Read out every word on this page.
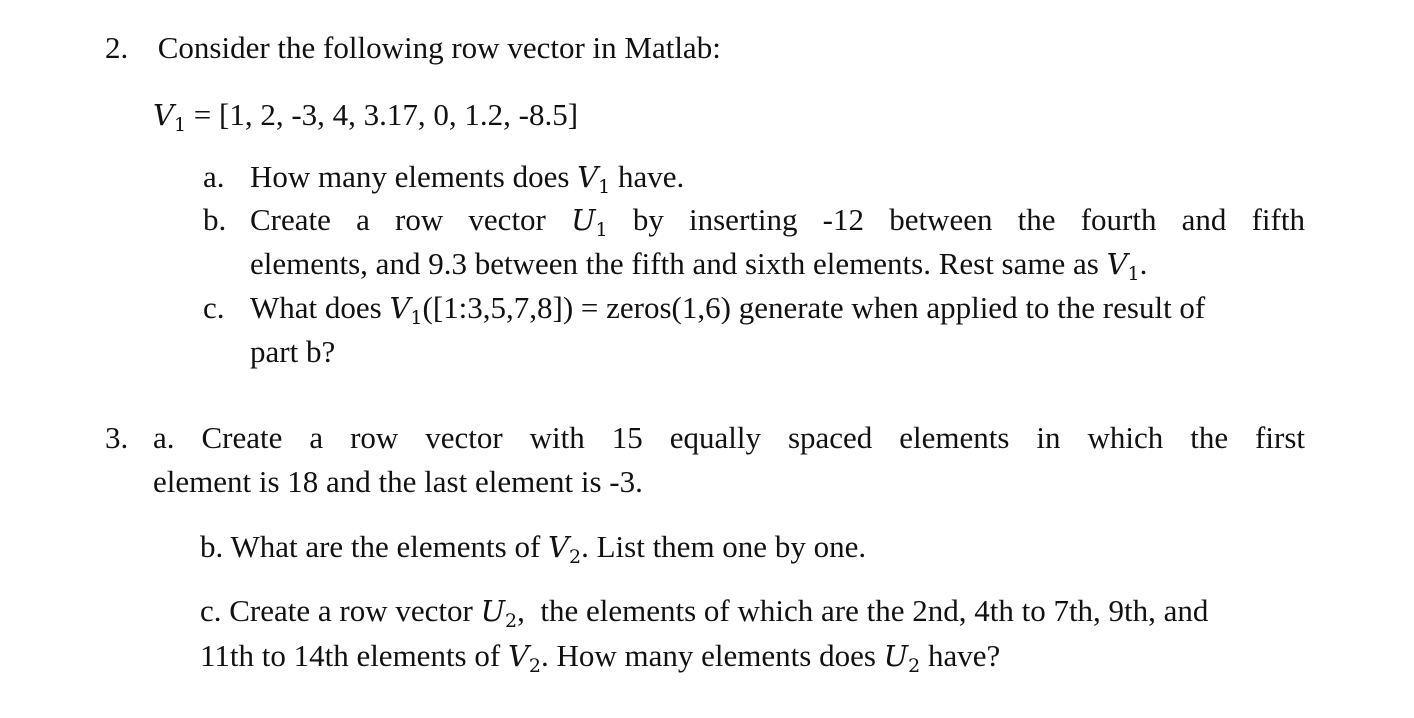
2. Consider the following row vector in Matlab:
$V_1 = [1$, 2, -3, 4, 3.17, 0, 1.2, -8.5]
a. How many elements does $V_1$ have.
b. Create a row vector $U_1$ by inserting -12 between the fourth and fifth
elements, and 9.3 between the fifth and sixth elements. Rest same as $V_1$.
c. What does $V_1([1:3,5,7,8])$ = zeros(1,6) generate when applied to the result of
part b?
3. a. Create a row vector with 15 equally spaced elements in which the first
element is 18 and the last element is -3.
b. What are the elements of $V_2$. List them one by one.
c. Create a row vector $U_2$,  the elements of which are the 2nd, 4th to 7th, 9th, and
11th to 14th elements of $V_2$. How many elements does $U_2$ have?
